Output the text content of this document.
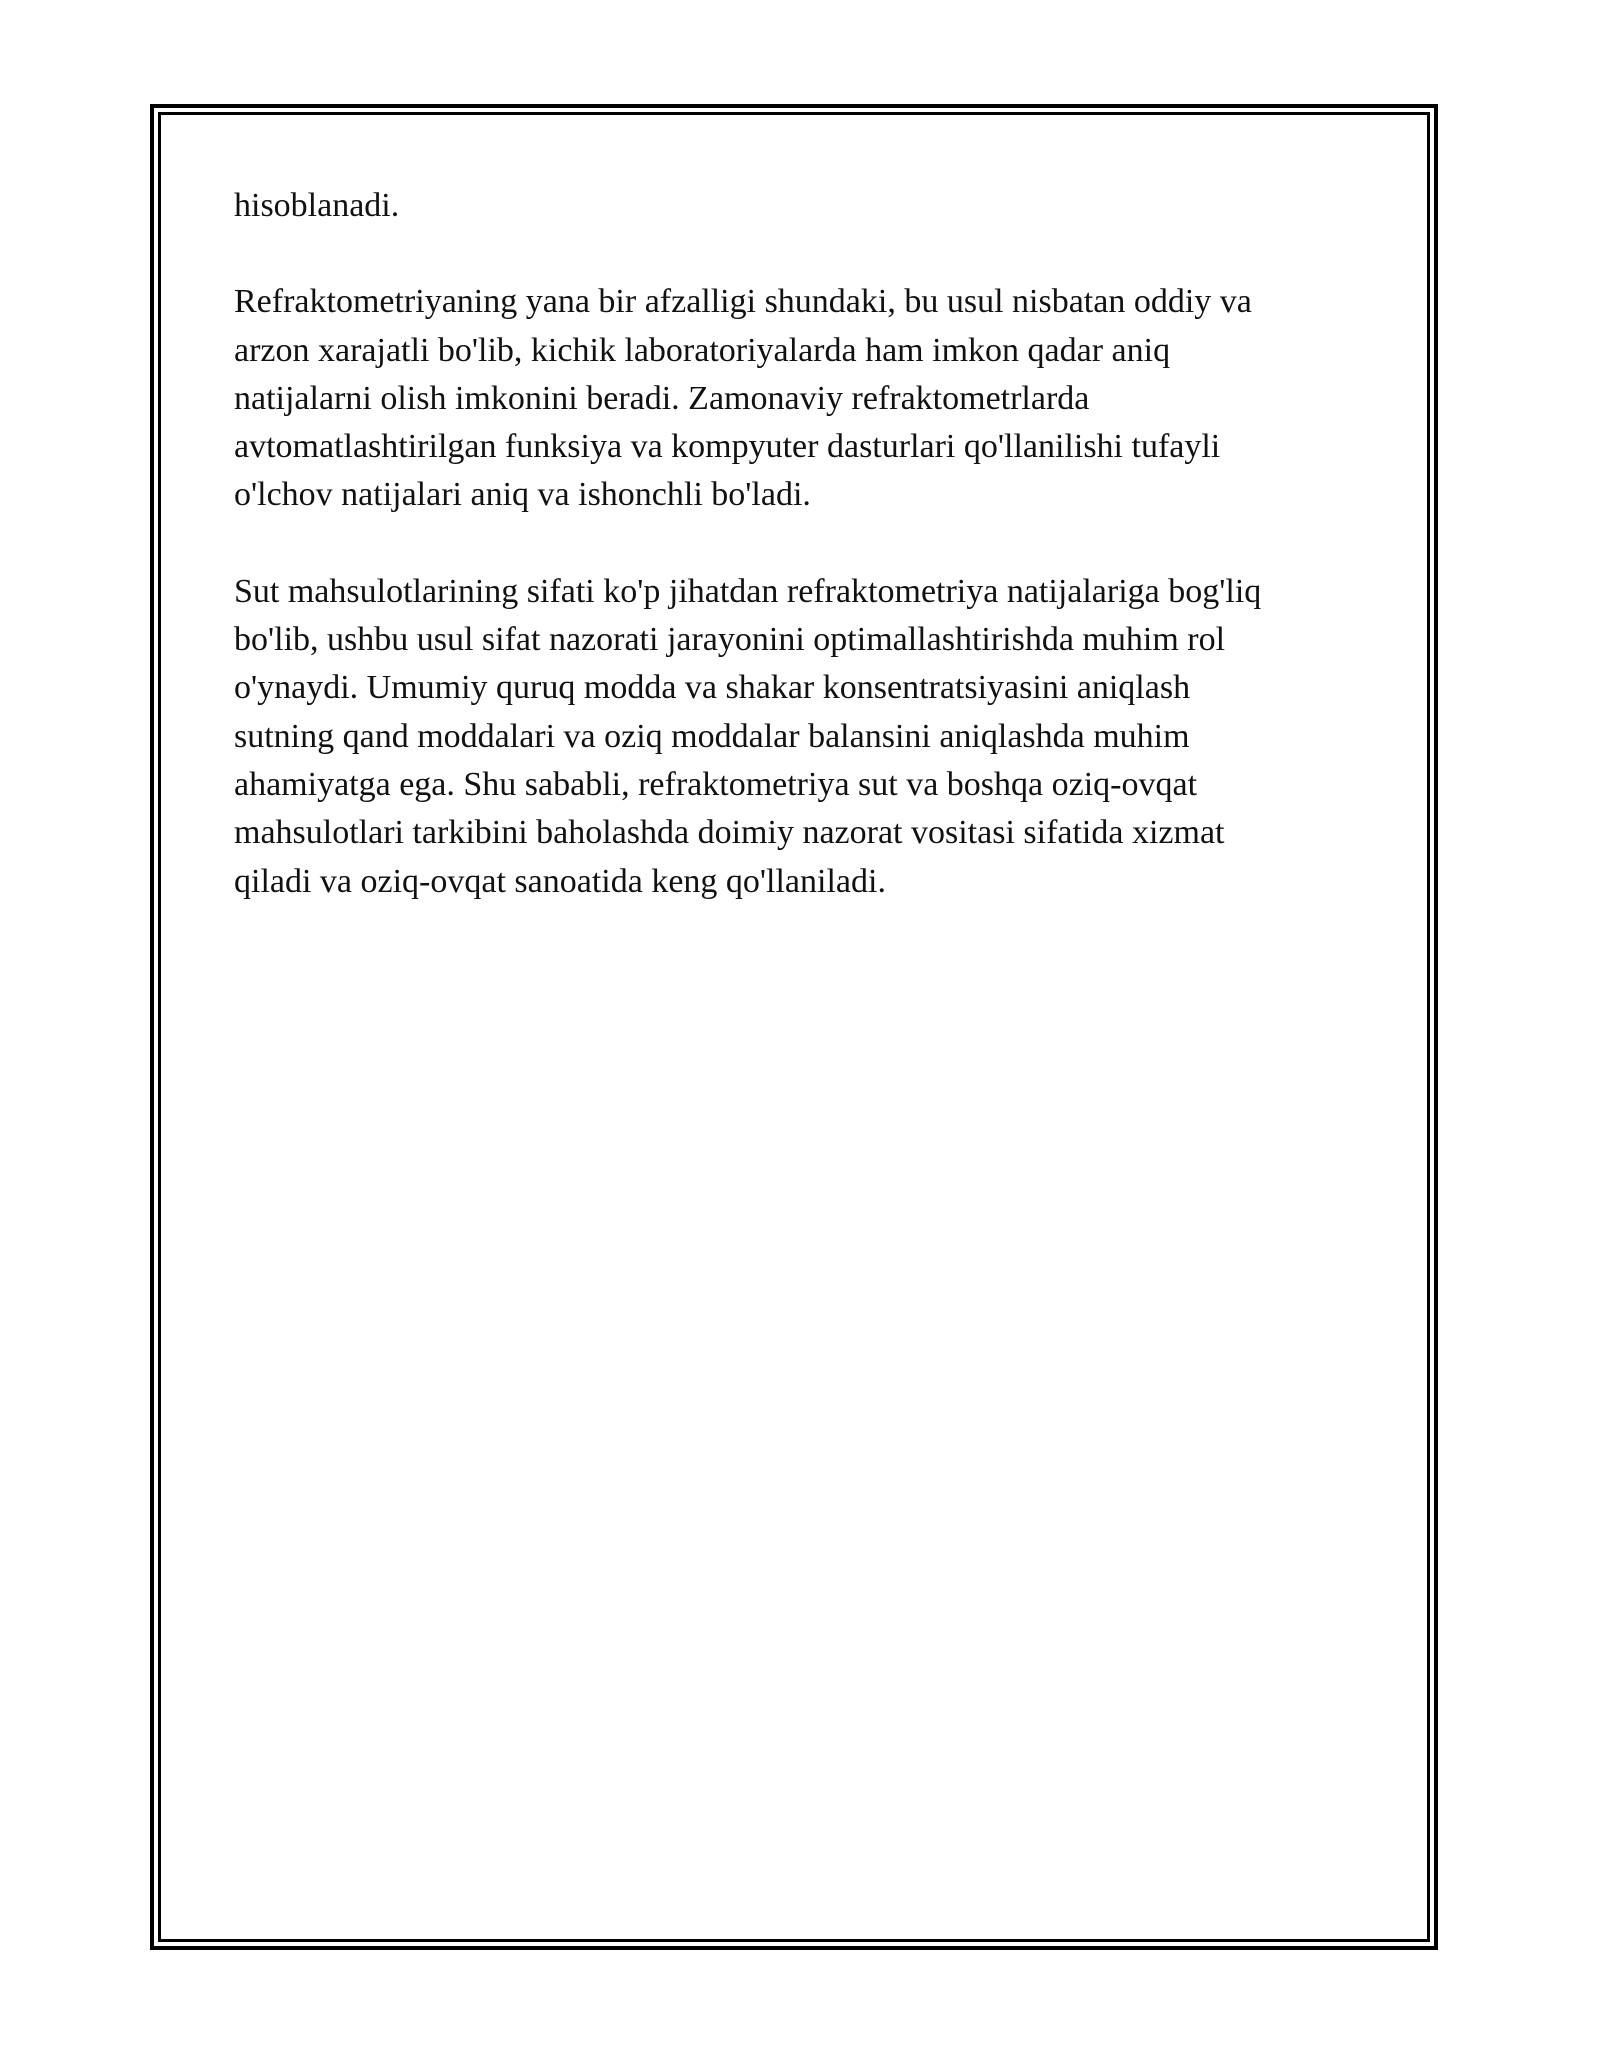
hisoblanadi.

Refraktometriyaning yana bir afzalligi shundaki, bu usul nisbatan oddiy va
arzon xarajatli bo'lib, kichik laboratoriyalarda ham imkon qadar aniq
natijalarni olish imkonini beradi. Zamonaviy refraktometrlarda
avtomatlashtirilgan funksiya va kompyuter dasturlari qo'llanilishi tufayli
o'lchov natijalari aniq va ishonchli bo'ladi.

Sut mahsulotlarining sifati ko'p jihatdan refraktometriya natijalariga bog'liq
bo'lib, ushbu usul sifat nazorati jarayonini optimallashtirishda muhim rol
o'ynaydi. Umumiy quruq modda va shakar konsentratsiyasini aniqlash
sutning qand moddalari va oziq moddalar balansini aniqlashda muhim
ahamiyatga ega. Shu sababli, refraktometriya sut va boshqa oziq-ovqat
mahsulotlari tarkibini baholashda doimiy nazorat vositasi sifatida xizmat
qiladi va oziq-ovqat sanoatida keng qo'llaniladi.
